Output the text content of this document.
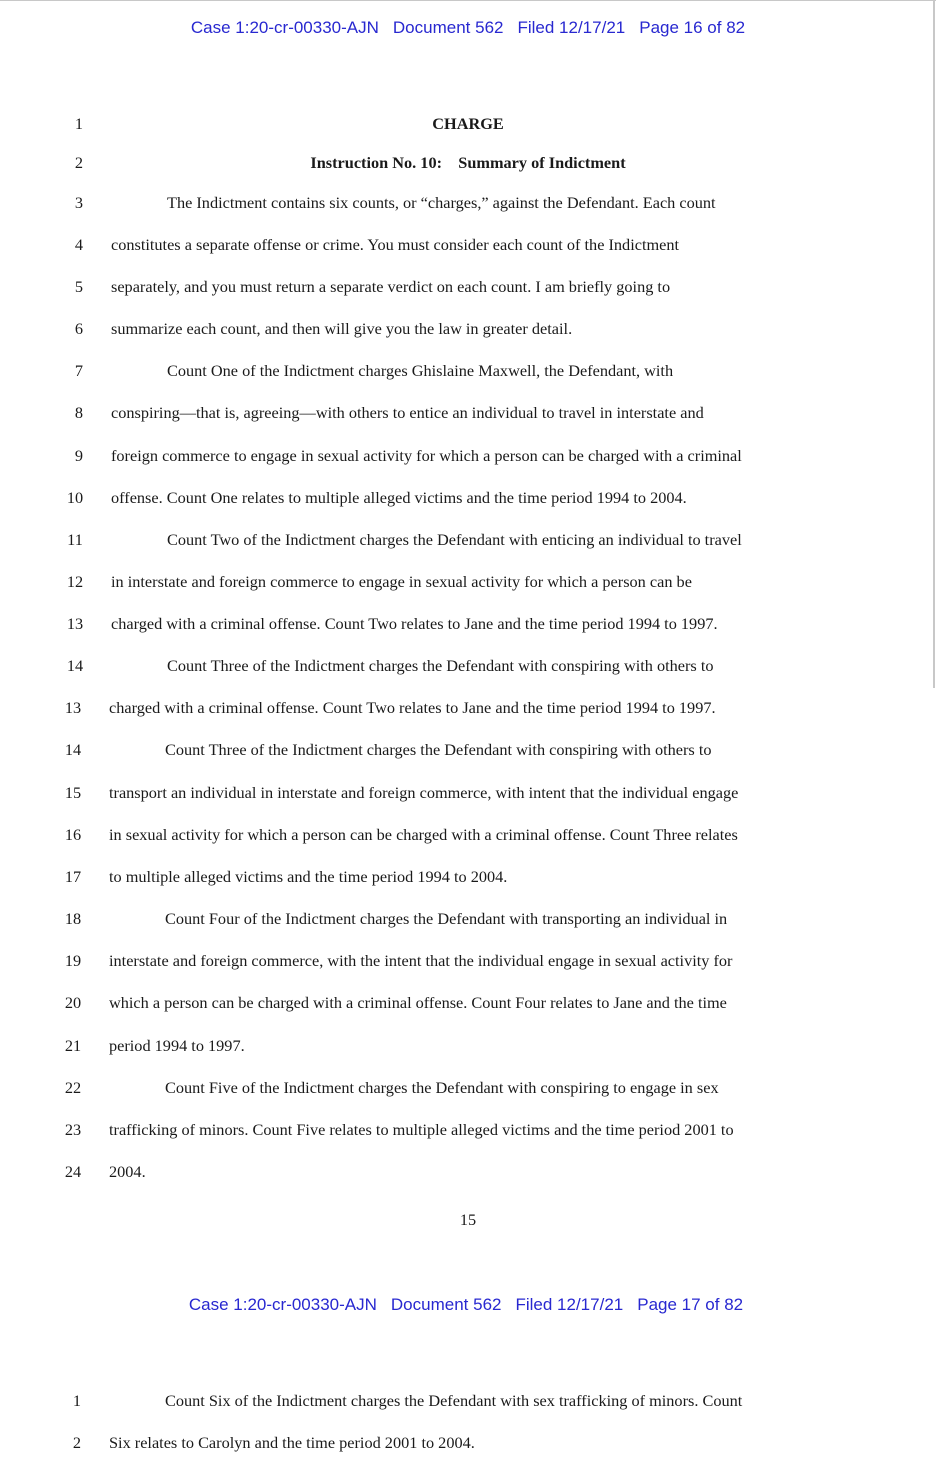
Case 1:20-cr-00330-AJN Document 562 Filed 12/17/21 Page 16 of 82
1	CHARGE
2	Instruction No. 10:    Summary of Indictment
3	The Indictment contains six counts, or “charges,” against the Defendant. Each count
4	constitutes a separate offense or crime. You must consider each count of the Indictment
5	separately, and you must return a separate verdict on each count. I am briefly going to
6	summarize each count, and then will give you the law in greater detail.
7	Count One of the Indictment charges Ghislaine Maxwell, the Defendant, with
8	conspiring—that is, agreeing—with others to entice an individual to travel in interstate and
9	foreign commerce to engage in sexual activity for which a person can be charged with a criminal
10	offense. Count One relates to multiple alleged victims and the time period 1994 to 2004.
11	Count Two of the Indictment charges the Defendant with enticing an individual to travel
12	in interstate and foreign commerce to engage in sexual activity for which a person can be
13	charged with a criminal offense. Count Two relates to Jane and the time period 1994 to 1997.
14	Count Three of the Indictment charges the Defendant with conspiring with others to
13	charged with a criminal offense. Count Two relates to Jane and the time period 1994 to 1997.
14	Count Three of the Indictment charges the Defendant with conspiring with others to
15	transport an individual in interstate and foreign commerce, with intent that the individual engage
16	in sexual activity for which a person can be charged with a criminal offense. Count Three relates
17	to multiple alleged victims and the time period 1994 to 2004.
18	Count Four of the Indictment charges the Defendant with transporting an individual in
19	interstate and foreign commerce, with the intent that the individual engage in sexual activity for
20	which a person can be charged with a criminal offense. Count Four relates to Jane and the time
21	period 1994 to 1997.
22	Count Five of the Indictment charges the Defendant with conspiring to engage in sex
23	trafficking of minors. Count Five relates to multiple alleged victims and the time period 2001 to
24	2004.
15
Case 1:20-cr-00330-AJN Document 562 Filed 12/17/21 Page 17 of 82
1	Count Six of the Indictment charges the Defendant with sex trafficking of minors. Count
2	Six relates to Carolyn and the time period 2001 to 2004.
